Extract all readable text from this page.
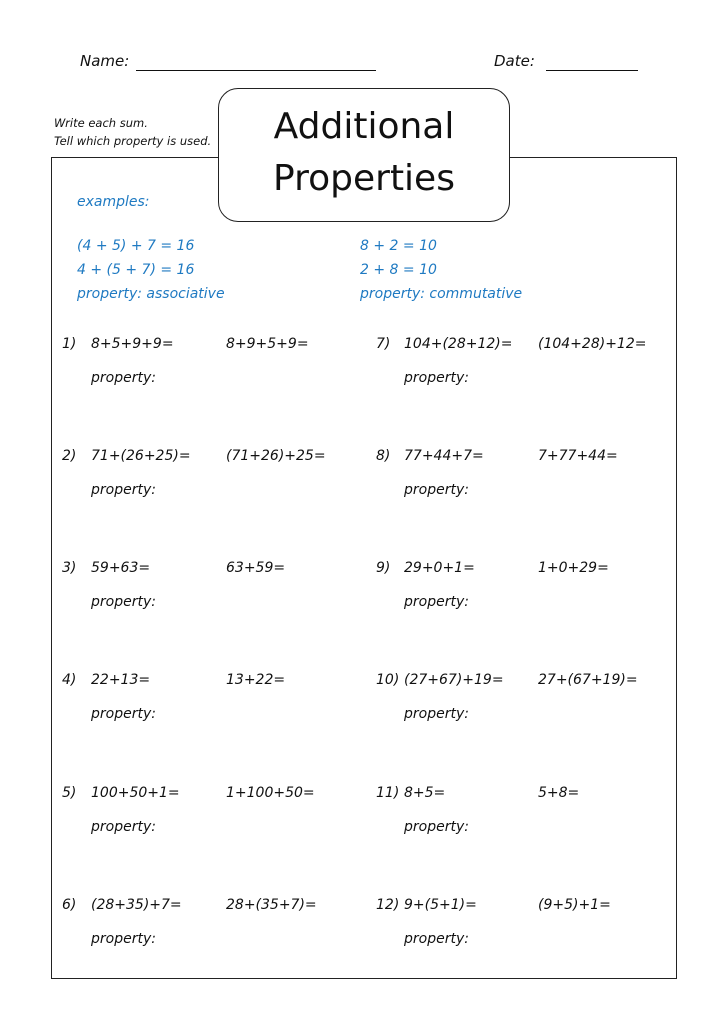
Name:	Date:
Write each sum.
Tell which property is used.	Additional
Properties
examples:
(4 + 5) + 7 = 16
4 + (5 + 7) = 16
property: associative
8 + 2 = 10
2 + 8 = 10
property: commutative
1) 8+5+9+9=	8+9+5+9=
property:
2) 71+(26+25)=	(71+26)+25=
property:
3) 59+63=	63+59=
property:
4) 22+13=	13+22=
property:
5) 100+50+1=	1+100+50=
property:
6) (28+35)+7=	28+(35+7)=
property:
7) 104+(28+12)= (104+28)+12=
property:
8) 77+44+7=	7+77+44=
property:
9) 29+0+1=	1+0+29=
property:
10) (27+67)+19= 27+(67+19)=
property:
11) 8+5=	5+8=
property:
12) 9+(5+1)=	(9+5)+1=
property:
